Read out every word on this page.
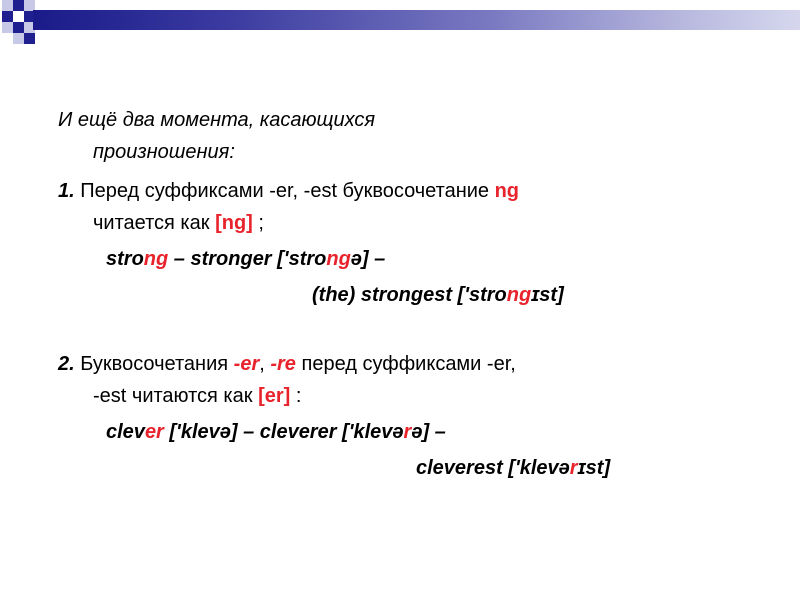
И ещё два момента, касающихся
произношения:
1. Перед суффиксами -er, -est буквосочетание ng
читается как [ng] ;
strong – stronger ['strongə] –
(the) strongest ['strongɪst]
2. Буквосочетания -er, -re перед суффиксами -er,
-est читаются как [er] :
clever ['klevə] – cleverer ['klevərə] –
cleverest ['klevərɪst]
